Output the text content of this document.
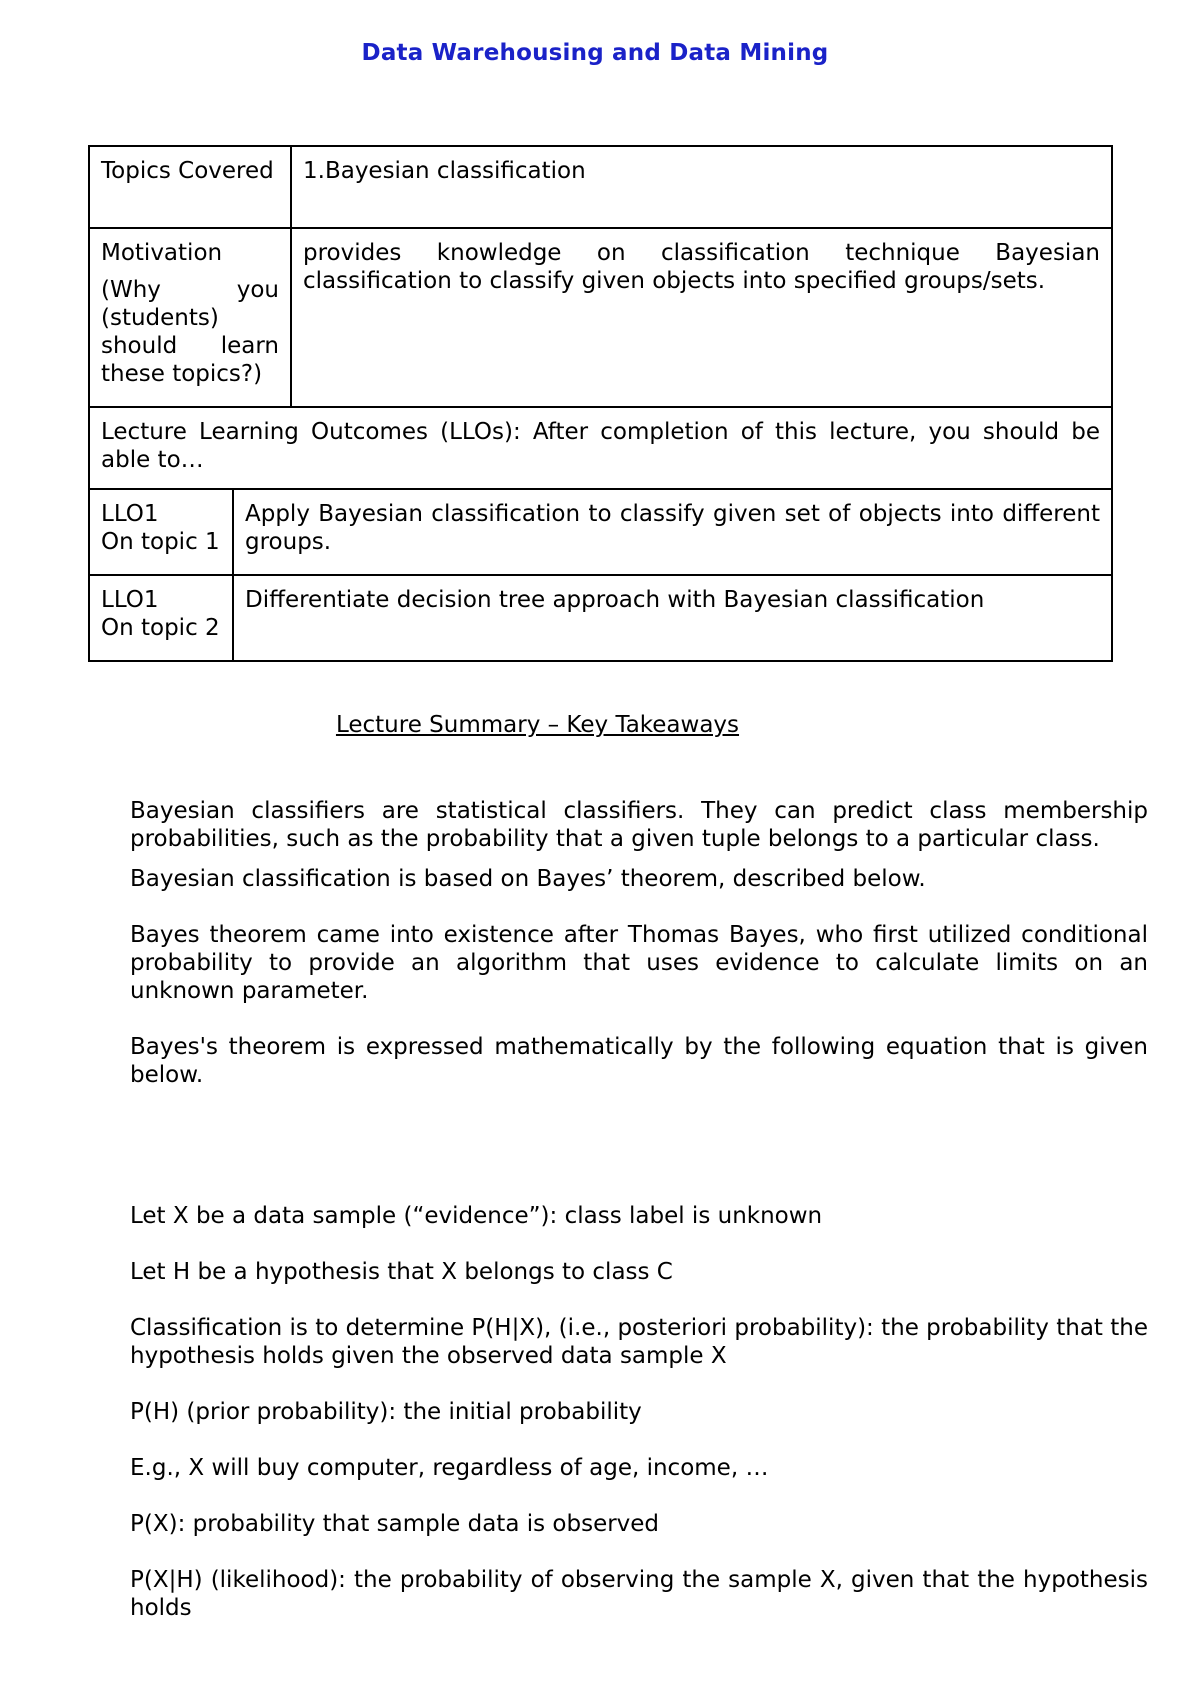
Data Warehousing and Data Mining
Topics Covered		1.Bayesian classification

Motivation
(Why you (students) should learn these topics?)		provides knowledge on classification technique Bayesian classification to classify given objects into specified groups/sets.
Lecture Learning Outcomes (LLOs): After completion of this lecture, you should be able to…		

LLO1
On topic 1	Apply Bayesian classification to classify given set of objects into different groups.	

LLO1
On topic 2	Differentiate decision tree approach with Bayesian classification	
Lecture Summary – Key Takeaways

Bayesian classifiers are statistical classifiers. They can predict class membership probabilities, such as the probability that a given tuple belongs to a particular class.

Bayesian classification is based on Bayes’ theorem, described below.

Bayes theorem came into existence after Thomas Bayes, who first utilized conditional probability to provide an algorithm that uses evidence to calculate limits on an unknown parameter.

Bayes's theorem is expressed mathematically by the following equation that is given below.

Let X be a data sample (“evidence”): class label is unknown

Let H be a hypothesis that X belongs to class C

Classification is to determine P(H|X), (i.e., posteriori probability): the probability that the hypothesis holds given the observed data sample X

P(H) (prior probability): the initial probability

E.g., X will buy computer, regardless of age, income, …

P(X): probability that sample data is observed

P(X|H) (likelihood): the probability of observing the sample X, given that the hypothesis holds
